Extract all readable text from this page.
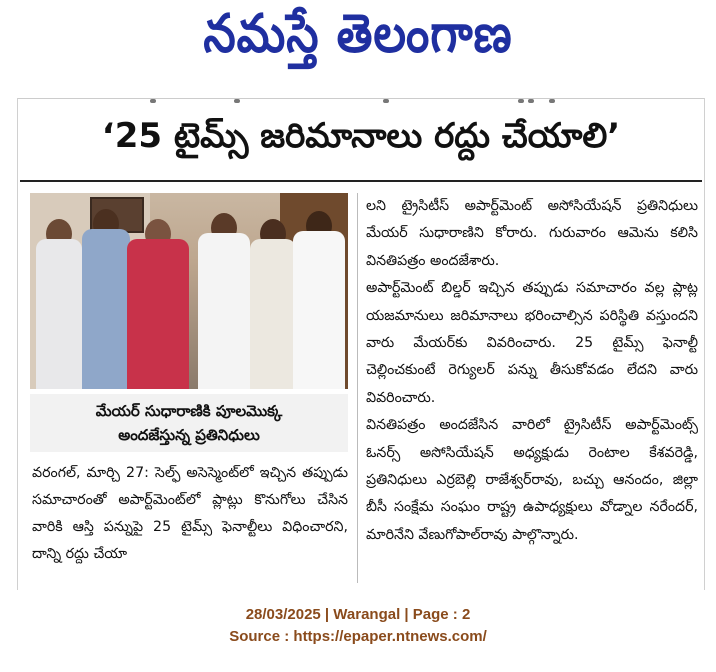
నమస్తే తెలంగాణ
‘25 టైమ్స్ జరిమానాలు రద్దు చేయాలి’
మేయర్ సుధారాణికి పూలమొక్క
అందజేస్తున్న ప్రతినిధులు

వరంగల్, మార్చి 27: సెల్ఫ్ అసెస్మెంట్‌లో ఇచ్చిన తప్పుడు సమాచారంతో అపార్ట్‌మెంట్‌లో ప్లాట్లు కొనుగోలు చేసిన వారికి ఆస్తి పన్నుపై 25 టైమ్స్ ఫెనాల్టీలు విధించారని, దాన్ని రద్దు చేయా

లని ట్రైసిటీస్ అపార్ట్‌మెంట్ అసోసియేషన్ ప్రతినిధులు మేయర్ సుధారాణిని కోరారు. గురువారం ఆమెను కలిసి వినతిపత్రం అందజేశారు.

అపార్ట్‌మెంట్ బిల్డర్ ఇచ్చిన తప్పుడు సమాచారం వల్ల ప్లాట్ల యజమానులు జరిమానాలు భరించాల్సిన పరిస్థితి వస్తుందని వారు మేయర్‌కు వివరించారు. 25 టైమ్స్ ఫెనాల్టీ చెల్లించకుంటే రెగ్యులర్ పన్ను తీసుకోవడం లేదని వారు వివరించారు.

వినతిపత్రం అందజేసిన వారిలో ట్రైసిటీస్ అపార్ట్‌మెంట్స్ ఓనర్స్ అసోసియేషన్ అధ్యక్షుడు రెంటాల కేశవరెడ్డి, ప్రతినిధులు ఎర్రబెల్లి రాజేశ్వర్‌రావు, బచ్చు ఆనందం, జిల్లా బీసీ సంక్షేమ సంఘం రాష్ట్ర ఉపాధ్యక్షులు వోడ్నాల నరేందర్, మారినేని వేణుగోపాల్‌రావు పాల్గొన్నారు.

28/03/2025 | Warangal | Page : 2
Source : https://epaper.ntnews.com/
